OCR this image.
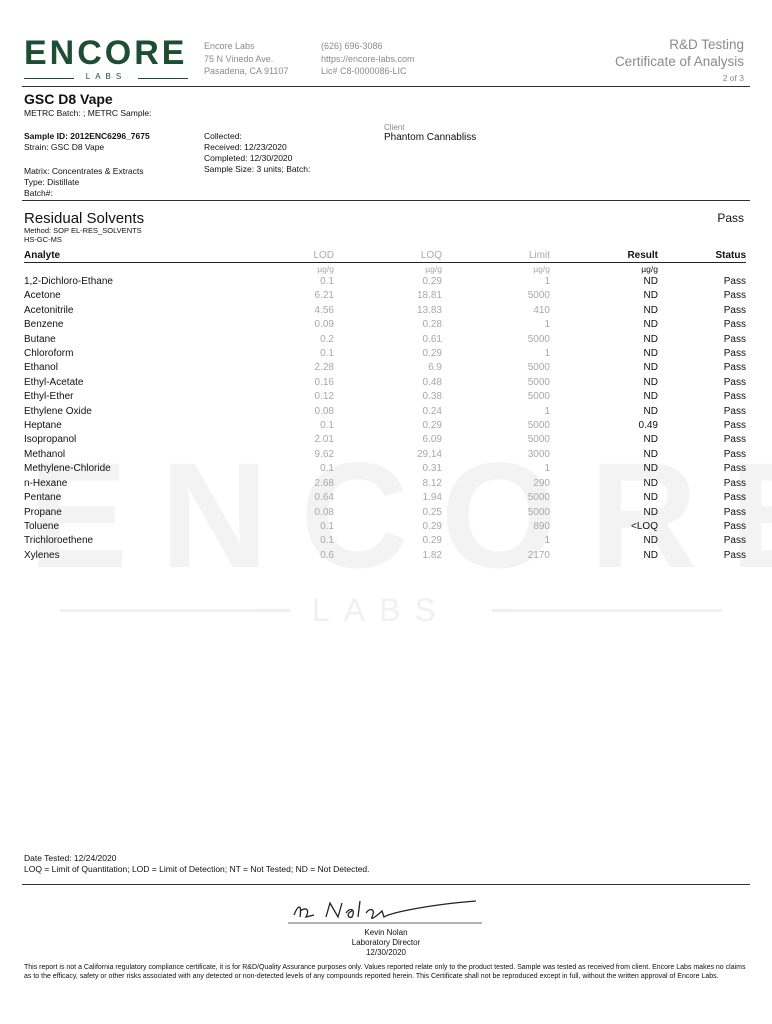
LABS
ENCORE
LABS
Encore Labs
75 N Vinedo Ave.
Pasadena, CA 91107
(626) 696-3086
https://encore-labs.com
Lic# C8-0000086-LIC
R&D Testing
Certificate of Analysis
2 of 3
GSC D8 Vape
METRC Batch: ; METRC Sample:
Sample ID: 2012ENC6296_7675
Strain: GSC D8 Vape
Collected:
Received: 12/23/2020
Completed: 12/30/2020
Sample Size: 3 units; Batch:
Client
Phantom Cannabliss
Matrix: Concentrates & Extracts
Type: Distillate
Batch#:
Residual Solvents	Pass
Method: SOP EL-RES_SOLVENTS
HS-GC-MS
Analyte	LOD	LOQ	Limit	Result	Status
	µg/g	µg/g	µg/g	µg/g	
1,2-Dichloro-Ethane	0.1	0.29	1	ND	Pass
Acetone	6.21	18.81	5000	ND	Pass
Acetonitrile	4.56	13.83	410	ND	Pass
Benzene	0.09	0.28	1	ND	Pass
Butane	0.2	0.61	5000	ND	Pass
Chloroform	0.1	0.29	1	ND	Pass
Ethanol	2.28	6.9	5000	ND	Pass
Ethyl-Acetate	0.16	0.48	5000	ND	Pass
Ethyl-Ether	0.12	0.38	5000	ND	Pass
Ethylene Oxide	0.08	0.24	1	ND	Pass
Heptane	0.1	0.29	5000	0.49	Pass
Isopropanol	2.01	6.09	5000	ND	Pass
Methanol	9.62	29.14	3000	ND	Pass
Methylene-Chloride	0.1	0.31	1	ND	Pass
n-Hexane	2.68	8.12	290	ND	Pass
Pentane	0.64	1.94	5000	ND	Pass
Propane	0.08	0.25	5000	ND	Pass
Toluene	0.1	0.29	890	<LOQ	Pass
Trichloroethene	0.1	0.29	1	ND	Pass
Xylenes	0.6	1.82	2170	ND	Pass
Date Tested: 12/24/2020
LOQ = Limit of Quantitation; LOD = Limit of Detection; NT = Not Tested; ND = Not Detected.
Kevin Nolan
Laboratory Director
12/30/2020
This report is not a California regulatory compliance certificate, it is for R&D/Quality Assurance purposes only. Values reported relate only to the product tested. Sample was tested as received from client. Encore Labs makes no claims as to the efficacy, safety or other risks associated with any detected or non-detected levels of any compounds reported herein. This Certificate shall not be reproduced except in full, without the written approval of Encore Labs.
